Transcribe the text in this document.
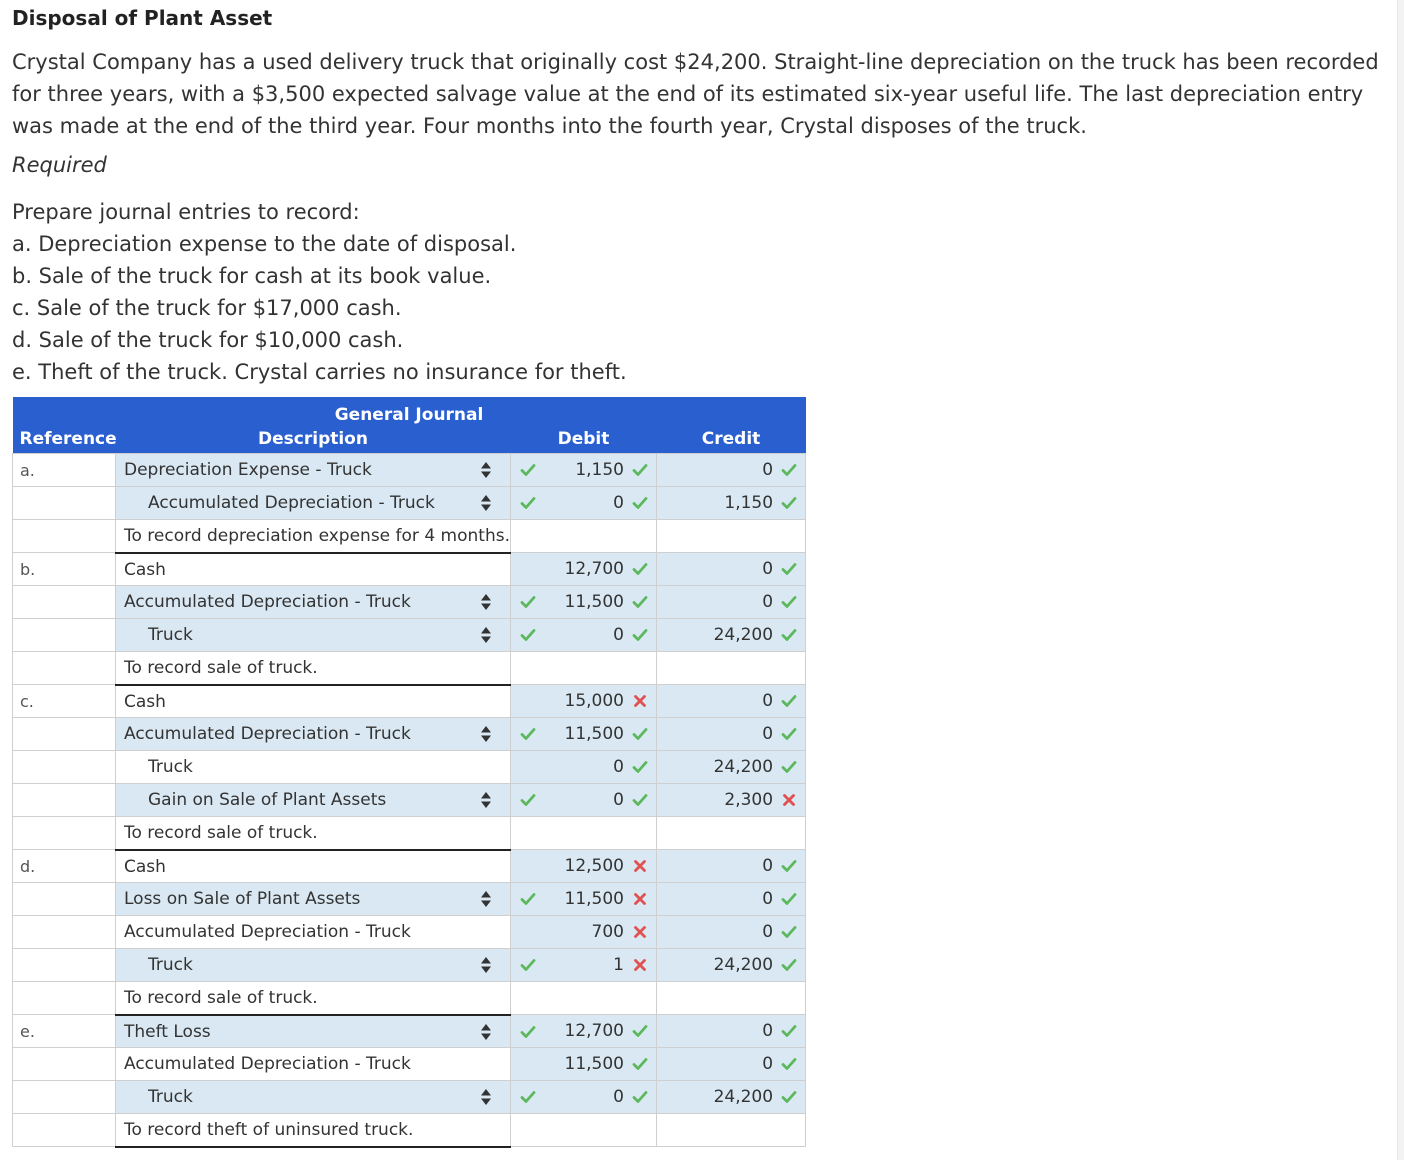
Disposal of Plant Asset

Crystal Company has a used delivery truck that originally cost $24,200. Straight-line depreciation on the truck has been recorded for three years, with a $3,500 expected salvage value at the end of its estimated six-year useful life. The last depreciation entry was made at the end of the third year. Four months into the fourth year, Crystal disposes of the truck.

Required
Prepare journal entries to record:
a. Depreciation expense to the date of disposal.
b. Sale of the truck for cash at its book value.
c. Sale of the truck for $17,000 cash.
d. Sale of the truck for $10,000 cash.
e. Theft of the truck. Crystal carries no insurance for theft.
General Journal			
Reference	Description	Debit	Credit
a.	Depreciation Expense - Truck	1,150	0

	Accumulated Depreciation - Truck	0	1,150

	To record depreciation expense for 4 months.		

b.	Cash	12,700	0

	Accumulated Depreciation - Truck	11,500	0

	Truck	0	24,200

	To record sale of truck.		

c.	Cash	15,000	0

	Accumulated Depreciation - Truck	11,500	0

	Truck	0	24,200

	Gain on Sale of Plant Assets	0	2,300

	To record sale of truck.		

d.	Cash	12,500	0

	Loss on Sale of Plant Assets	11,500	0

	Accumulated Depreciation - Truck	700	0

	Truck	1	24,200

	To record sale of truck.		

e.	Theft Loss	12,700	0

	Accumulated Depreciation - Truck	11,500	0

	Truck	0	24,200

	To record theft of uninsured truck.		
